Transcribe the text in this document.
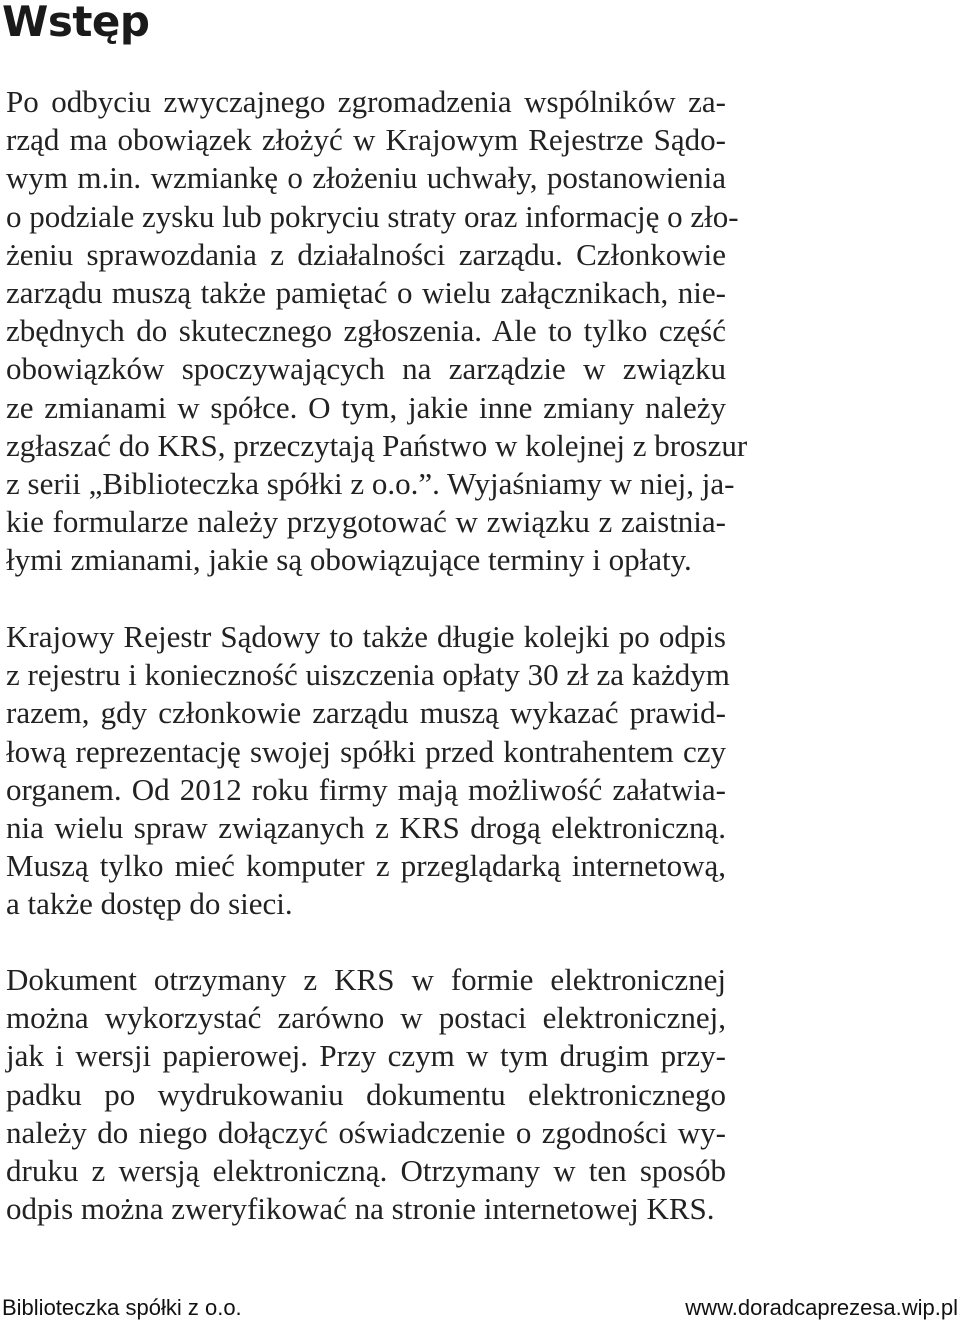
Wstęp
Po odbyciu zwyczajnego zgromadzenia wspólników za-
rząd ma obowiązek złożyć w Krajowym Rejestrze Sądo-
wym m.in. wzmiankę o złożeniu uchwały, postanowienia
o podziale zysku lub pokryciu straty oraz informację o zło-
żeniu sprawozdania z działalności zarządu. Członkowie
zarządu muszą także pamiętać o wielu załącznikach, nie-
zbędnych do skutecznego zgłoszenia. Ale to tylko część
obowiązków spoczywających na zarządzie w związku
ze zmianami w spółce. O tym, jakie inne zmiany należy
zgłaszać do KRS, przeczytają Państwo w kolejnej z broszur
z serii „Biblioteczka spółki z o.o.”. Wyjaśniamy w niej, ja-
kie formularze należy przygotować w związku z zaistnia-
łymi zmianami, jakie są obowiązujące terminy i opłaty.
Krajowy Rejestr Sądowy to także długie kolejki po odpis
z rejestru i konieczność uiszczenia opłaty 30 zł za każdym
razem, gdy członkowie zarządu muszą wykazać prawid-
łową reprezentację swojej spółki przed kontrahentem czy
organem. Od 2012 roku firmy mają możliwość załatwia-
nia wielu spraw związanych z KRS drogą elektroniczną.
Muszą tylko mieć komputer z przeglądarką internetową,
a także dostęp do sieci.
Dokument otrzymany z KRS w formie elektronicznej
można wykorzystać zarówno w postaci elektronicznej,
jak i wersji papierowej. Przy czym w tym drugim przy-
padku po wydrukowaniu dokumentu elektronicznego
należy do niego dołączyć oświadczenie o zgodności wy-
druku z wersją elektroniczną. Otrzymany w ten sposób
odpis można zweryfikować na stronie internetowej KRS.
Biblioteczka spółki z o.o.	www.doradcaprezesa.wip.pl
